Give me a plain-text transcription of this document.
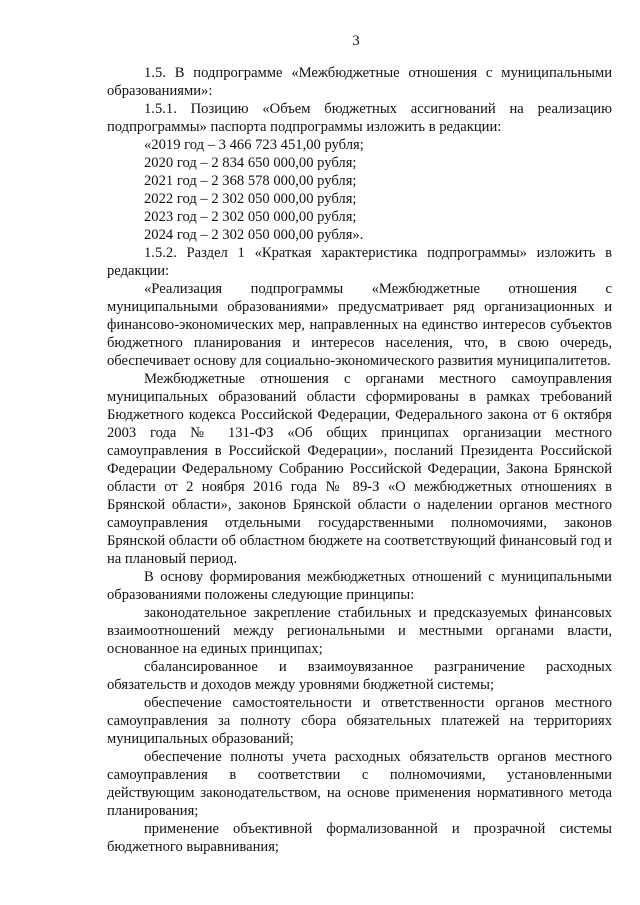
3

1.5. В подпрограмме «Межбюджетные отношения с муниципальными образованиями»:

1.5.1. Позицию «Объем бюджетных ассигнований на реализацию подпрограммы» паспорта подпрограммы изложить в редакции:

«2019 год – 3 466 723 451,00 рубля;
2020 год – 2 834 650 000,00 рубля;
2021 год – 2 368 578 000,00 рубля;
2022 год – 2 302 050 000,00 рубля;
2023 год – 2 302 050 000,00 рубля;
2024 год – 2 302 050 000,00 рубля».

1.5.2. Раздел 1 «Краткая характеристика подпрограммы» изложить в редакции:

«Реализация подпрограммы «Межбюджетные отношения с муниципальными образованиями» предусматривает ряд организационных и финансово-экономических мер, направленных на единство интересов субъектов бюджетного планирования и интересов населения, что, в свою очередь, обеспечивает основу для социально-экономического развития муниципалитетов.

Межбюджетные отношения с органами местного самоуправления муниципальных образований области сформированы в рамках требований Бюджетного кодекса Российской Федерации, Федерального закона от 6 октября 2003 года № 131-ФЗ «Об общих принципах организации местного самоуправления в Российской Федерации», посланий Президента Российской Федерации Федеральному Собранию Российской Федерации, Закона Брянской области от 2 ноября 2016 года № 89-З «О межбюджетных отношениях в Брянской области», законов Брянской области о наделении органов местного самоуправления отдельными государственными полномочиями, законов Брянской области об областном бюджете на соответствующий финансовый год и на плановый период.

В основу формирования межбюджетных отношений с муниципальными образованиями положены следующие принципы:

законодательное закрепление стабильных и предсказуемых финансовых взаимоотношений между региональными и местными органами власти, основанное на единых принципах;

сбалансированное и взаимоувязанное разграничение расходных обязательств и доходов между уровнями бюджетной системы;

обеспечение самостоятельности и ответственности органов местного самоуправления за полноту сбора обязательных платежей на территориях муниципальных образований;

обеспечение полноты учета расходных обязательств органов местного самоуправления в соответствии с полномочиями, установленными действующим законодательством, на основе применения нормативного метода планирования;

применение объективной формализованной и прозрачной системы бюджетного выравнивания;
